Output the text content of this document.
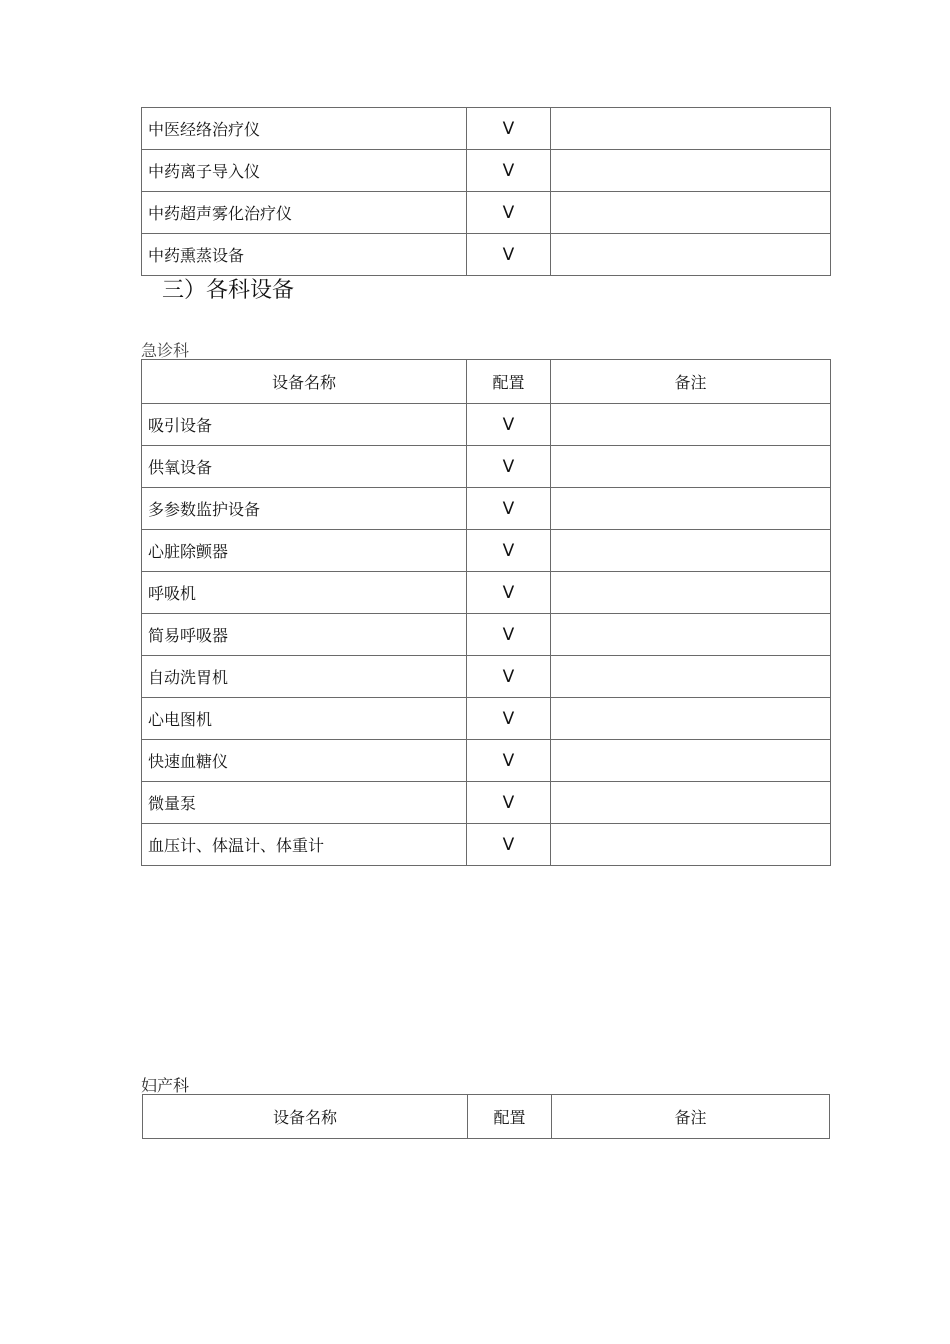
中医经络治疗仪	V	
中药离子导入仪	V	
中药超声雾化治疗仪	V	
中药熏蒸设备	V	
三）各科设备
急诊科
设备名称	配置	备注
吸引设备	V	
供氧设备	V	
多参数监护设备	V	
心脏除颤器	V	
呼吸机	V	
简易呼吸器	V	
自动洗胃机	V	
心电图机	V	
快速血糖仪	V	
微量泵	V	
血压计、体温计、体重计	V	
妇产科
设备名称	配置	备注
